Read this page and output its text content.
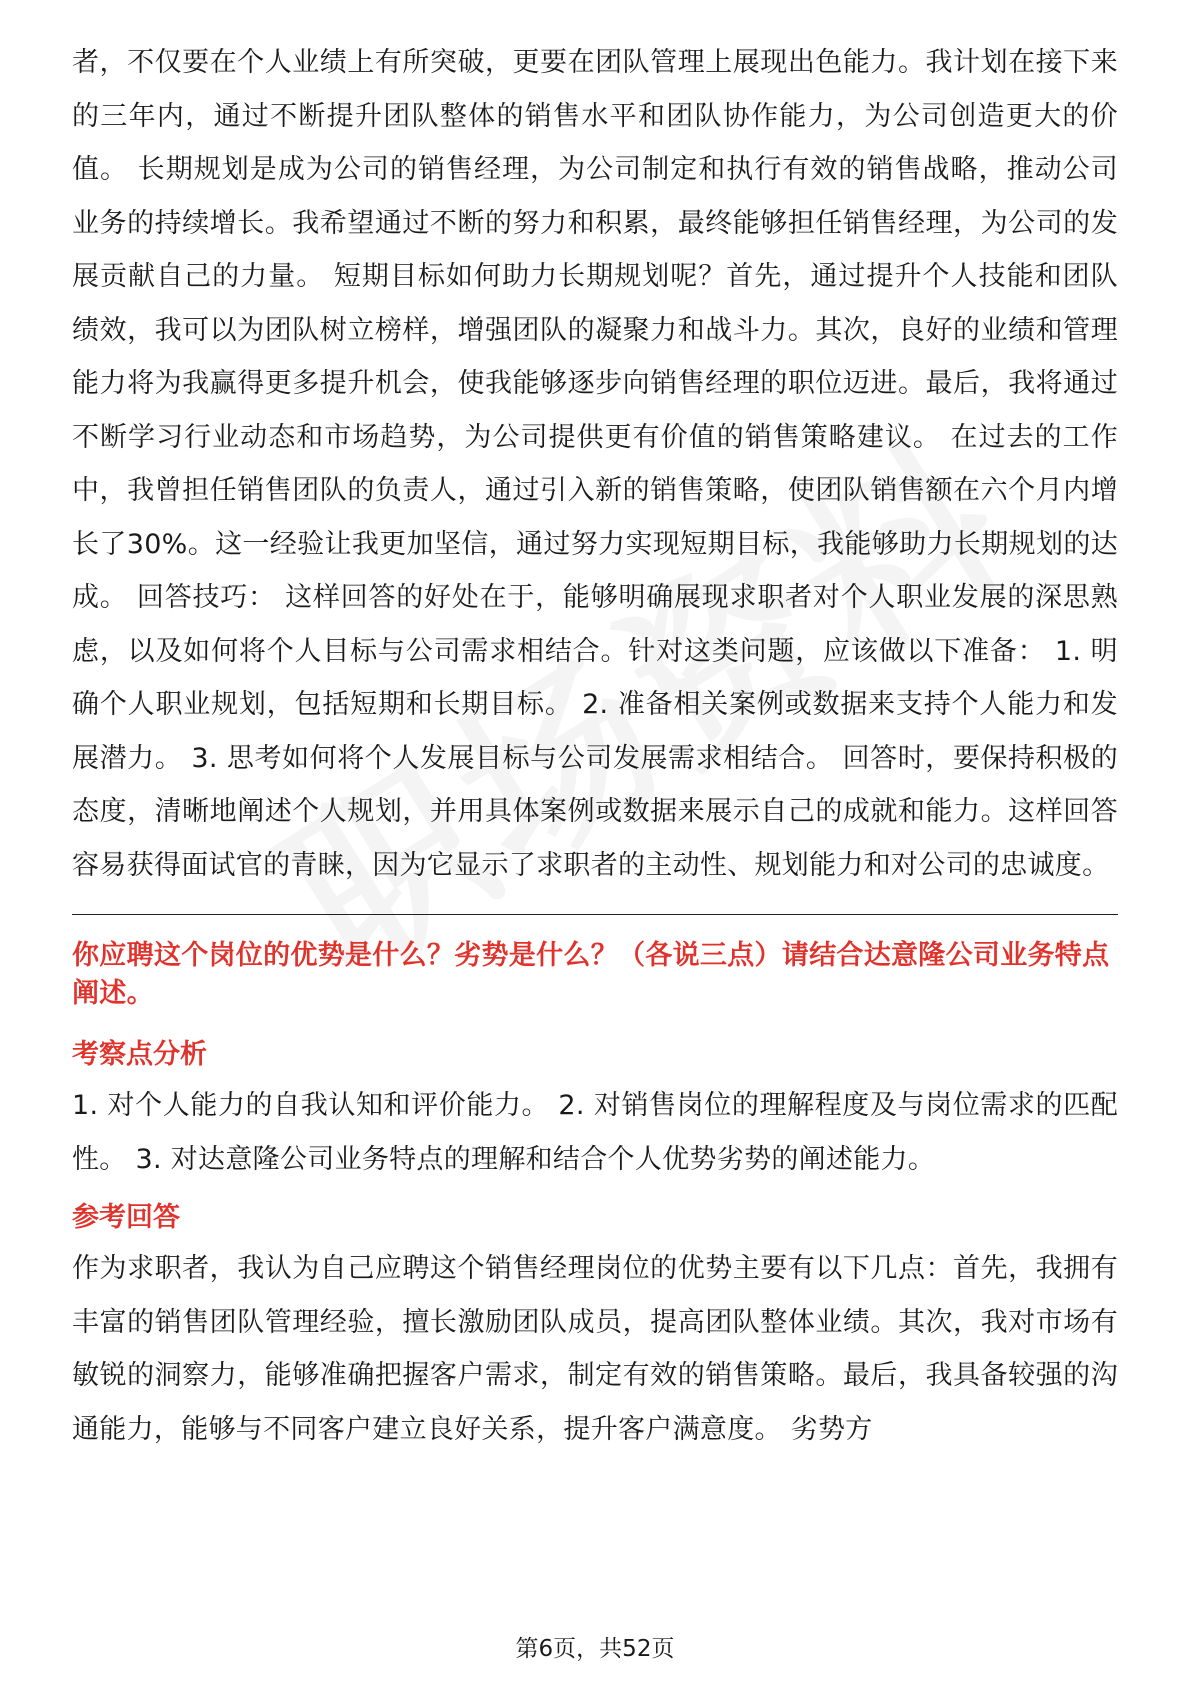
者，不仅要在个人业绩上有所突破，更要在团队管理上展现出色能力。我计划在接下来的三年内，通过不断提升团队整体的销售水平和团队协作能力，为公司创造更大的价值。 长期规划是成为公司的销售经理，为公司制定和执行有效的销售战略，推动公司业务的持续增长。我希望通过不断的努力和积累，最终能够担任销售经理，为公司的发展贡献自己的力量。 短期目标如何助力长期规划呢？首先，通过提升个人技能和团队绩效，我可以为团队树立榜样，增强团队的凝聚力和战斗力。其次，良好的业绩和管理能力将为我赢得更多提升机会，使我能够逐步向销售经理的职位迈进。最后，我将通过不断学习行业动态和市场趋势，为公司提供更有价值的销售策略建议。 在过去的工作中，我曾担任销售团队的负责人，通过引入新的销售策略，使团队销售额在六个月内增长了30%。这一经验让我更加坚信，通过努力实现短期目标，我能够助力长期规划的达成。 回答技巧： 这样回答的好处在于，能够明确展现求职者对个人职业发展的深思熟虑，以及如何将个人目标与公司需求相结合。针对这类问题，应该做以下准备： 1. 明确个人职业规划，包括短期和长期目标。 2. 准备相关案例或数据来支持个人能力和发展潜力。 3. 思考如何将个人发展目标与公司发展需求相结合。 回答时，要保持积极的态度，清晰地阐述个人规划，并用具体案例或数据来展示自己的成就和能力。这样回答容易获得面试官的青睐，因为它显示了求职者的主动性、规划能力和对公司的忠诚度。

你应聘这个岗位的优势是什么？劣势是什么？（各说三点）请结合达意隆公司业务特点阐述。

考察点分析

1. 对个人能力的自我认知和评价能力。 2. 对销售岗位的理解程度及与岗位需求的匹配性。 3. 对达意隆公司业务特点的理解和结合个人优势劣势的阐述能力。

参考回答

作为求职者，我认为自己应聘这个销售经理岗位的优势主要有以下几点：首先，我拥有丰富的销售团队管理经验，擅长激励团队成员，提高团队整体业绩。其次，我对市场有敏锐的洞察力，能够准确把握客户需求，制定有效的销售策略。最后，我具备较强的沟通能力，能够与不同客户建立良好关系，提升客户满意度。 劣势方

第6页，共52页
